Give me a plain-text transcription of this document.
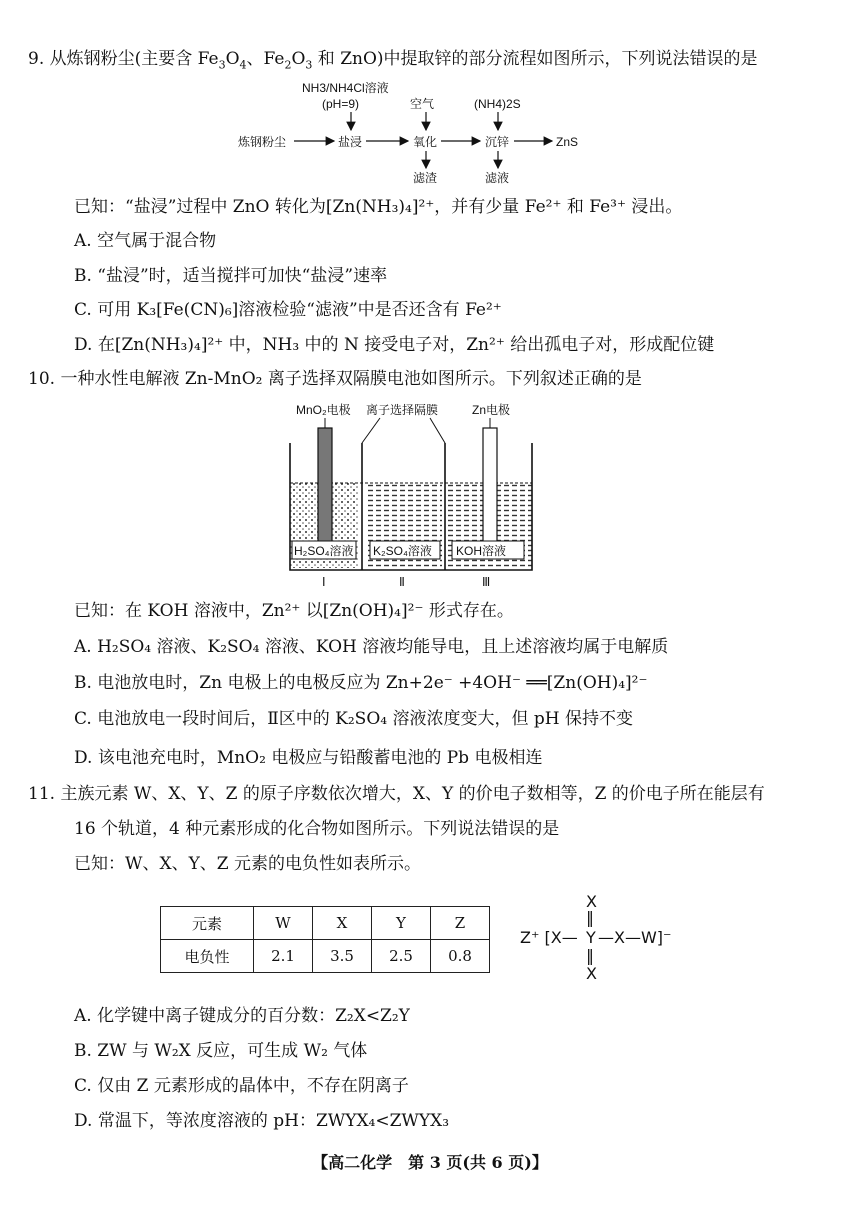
9. 从炼钢粉尘(主要含 $Fe_3O_4$、$Fe_2O_3$ 和 ZnO)中提取锌的部分流程如图所示，下列说法错误的是
NH3/NH4Cl溶液
(pH=9)	空气	(NH4)2S
炼钢粉尘	盐浸	氧化	沉锌	ZnS
滤渣	滤液
已知：“盐浸”过程中 ZnO 转化为[Zn(NH₃)₄]²⁺，并有少量 Fe²⁺ 和 Fe³⁺ 浸出。
A. 空气属于混合物
B. “盐浸”时，适当搅拌可加快“盐浸”速率
C. 可用 K₃[Fe(CN)₆]溶液检验“滤液”中是否还含有 Fe²⁺
D. 在[Zn(NH₃)₄]²⁺ 中，NH₃ 中的 N 接受电子对，Zn²⁺ 给出孤电子对，形成配位键
10. 一种水性电解液 Zn-MnO₂ 离子选择双隔膜电池如图所示。下列叙述正确的是
MnO₂电极 离子选择隔膜	Zn电极
H₂SO₄溶液 K₂SO₄溶液 KOH溶液
Ⅰ	Ⅱ	Ⅲ
已知：在 KOH 溶液中，Zn²⁺ 以[Zn(OH)₄]²⁻ 形式存在。
A. H₂SO₄ 溶液、K₂SO₄ 溶液、KOH 溶液均能导电，且上述溶液均属于电解质
B. 电池放电时，Zn 电极上的电极反应为 Zn+2e⁻ +4OH⁻ ══[Zn(OH)₄]²⁻
C. 电池放电一段时间后，Ⅱ区中的 K₂SO₄ 溶液浓度变大，但 pH 保持不变
D. 该电池充电时，MnO₂ 电极应与铅酸蓄电池的 Pb 电极相连
11. 主族元素 W、X、Y、Z 的原子序数依次增大，X、Y 的价电子数相等，Z 的价电子所在能层有
16 个轨道，4 种元素形成的化合物如图所示。下列说法错误的是
已知：W、X、Y、Z 元素的电负性如表所示。
元素	W	X	Y	Z
电负性	2.1	3.5	2.5	0.8
X
‖
Z⁺ [X— Y —X—W]⁻
‖
X
A. 化学键中离子键成分的百分数：Z₂X<Z₂Y
B. ZW 与 W₂X 反应，可生成 W₂ 气体
C. 仅由 Z 元素形成的晶体中，不存在阴离子
D. 常温下，等浓度溶液的 pH：ZWYX₄<ZWYX₃
【高二化学　第 3 页(共 6 页)】
